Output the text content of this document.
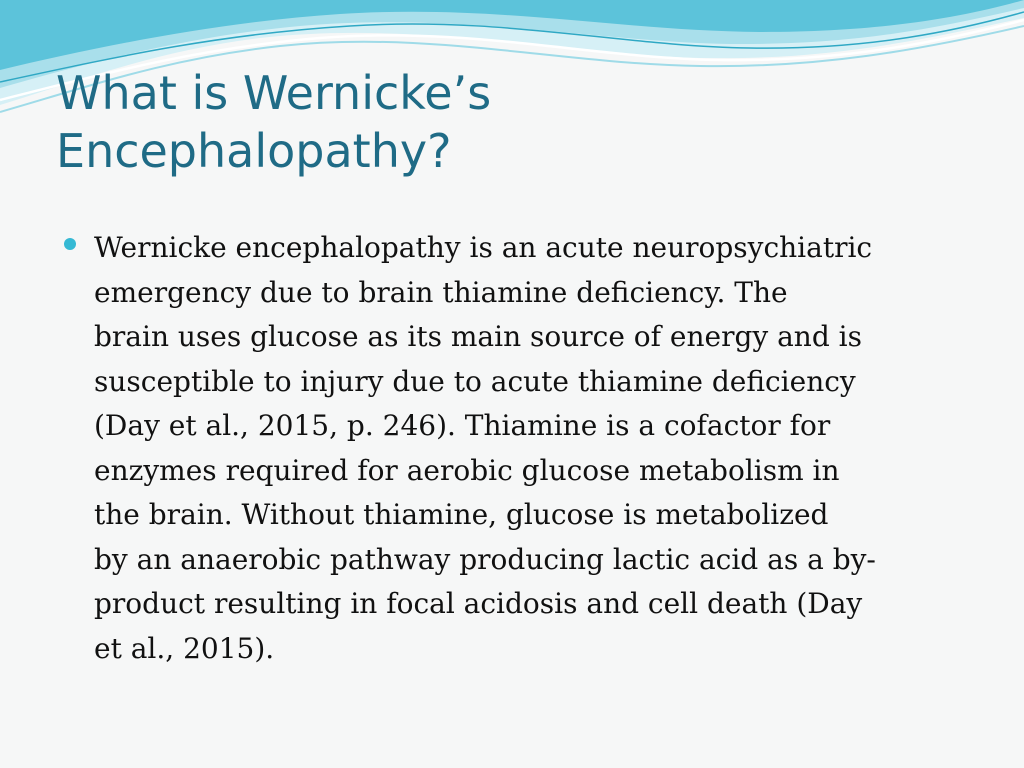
What is Wernicke’s
Encephalopathy?
Wernicke encephalopathy is an acute neuropsychiatric
emergency due to brain thiamine deficiency. The
brain uses glucose as its main source of energy and is
susceptible to injury due to acute thiamine deficiency
(Day et al., 2015, p. 246). Thiamine is a cofactor for
enzymes required for aerobic glucose metabolism in
the brain. Without thiamine, glucose is metabolized
by an anaerobic pathway producing lactic acid as a by-
product resulting in focal acidosis and cell death (Day
et al., 2015).
